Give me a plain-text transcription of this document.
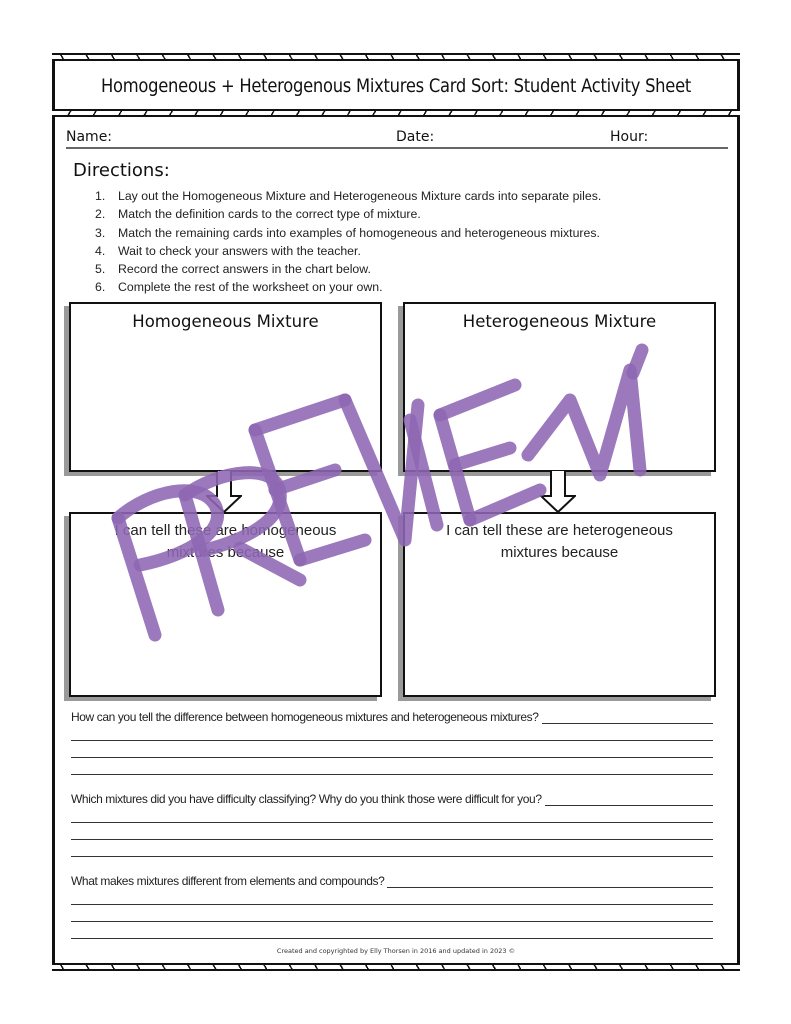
Homogeneous + Heterogenous Mixtures Card Sort: Student Activity Sheet
Name:	Date:	Hour:
Directions:
1. Lay out the Homogeneous Mixture and Heterogeneous Mixture cards into separate piles.
2. Match the definition cards to the correct type of mixture.
3. Match the remaining cards into examples of homogeneous and heterogeneous mixtures.
4. Wait to check your answers with the teacher.
5. Record the correct answers in the chart below.
6. Complete the rest of the worksheet on your own.
Homogeneous Mixture	Heterogeneous Mixture
I can tell these are homogeneous mixtures because
I can tell these are heterogeneous mixtures because
How can you tell the difference between homogeneous mixtures and heterogeneous mixtures?
Which mixtures did you have difficulty classifying? Why do you think those were difficult for you?
What makes mixtures different from elements and compounds?
Created and copyrighted by Elly Thorsen in 2016 and updated in 2023 ©
